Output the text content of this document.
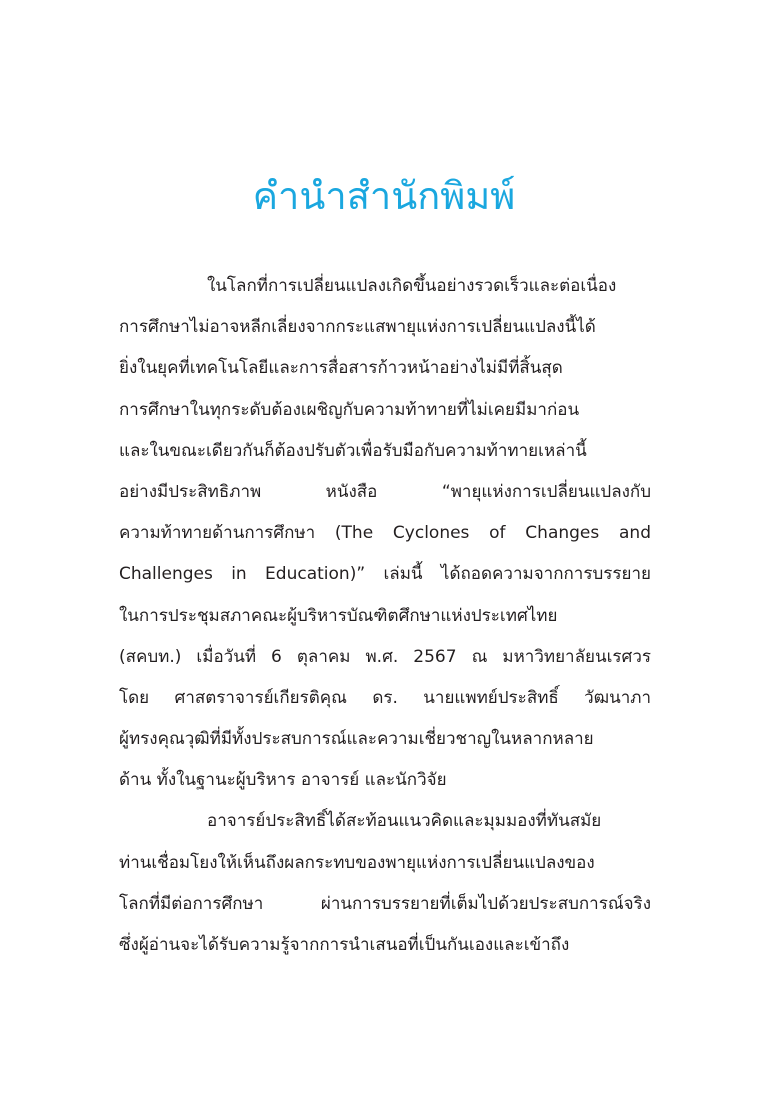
คำนำสำนักพิมพ์
ในโลกที่การเปลี่ยนแปลงเกิดขึ้นอย่างรวดเร็วและต่อเนื่อง
การศึกษาไม่อาจหลีกเลี่ยงจากกระแสพายุแห่งการเปลี่ยนแปลงนี้ได้
ยิ่งในยุคที่เทคโนโลยีและการสื่อสารก้าวหน้าอย่างไม่มีที่สิ้นสุด
การศึกษาในทุกระดับต้องเผชิญกับความท้าทายที่ไม่เคยมีมาก่อน
และในขณะเดียวกันก็ต้องปรับตัวเพื่อรับมือกับความท้าทายเหล่านี้
อย่างมีประสิทธิภาพ หนังสือ “พายุแห่งการเปลี่ยนแปลงกับ
ความท้าทายด้านการศึกษา (The Cyclones of Changes and
Challenges in Education)” เล่มนี้ ได้ถอดความจากการบรรยาย
ในการประชุมสภาคณะผู้บริหารบัณฑิตศึกษาแห่งประเทศไทย
(สคบท.) เมื่อวันที่ 6 ตุลาคม พ.ศ. 2567 ณ มหาวิทยาลัยนเรศวร
โดย ศาสตราจารย์เกียรติคุณ ดร. นายแพทย์ประสิทธิ์ วัฒนาภา
ผู้ทรงคุณวุฒิที่มีทั้งประสบการณ์และความเชี่ยวชาญในหลากหลาย
ด้าน ทั้งในฐานะผู้บริหาร อาจารย์ และนักวิจัย
อาจารย์ประสิทธิ์ได้สะท้อนแนวคิดและมุมมองที่ทันสมัย
ท่านเชื่อมโยงให้เห็นถึงผลกระทบของพายุแห่งการเปลี่ยนแปลงของ
โลกที่มีต่อการศึกษา ผ่านการบรรยายที่เต็มไปด้วยประสบการณ์จริง
ซึ่งผู้อ่านจะได้รับความรู้จากการนำเสนอที่เป็นกันเองและเข้าถึง
